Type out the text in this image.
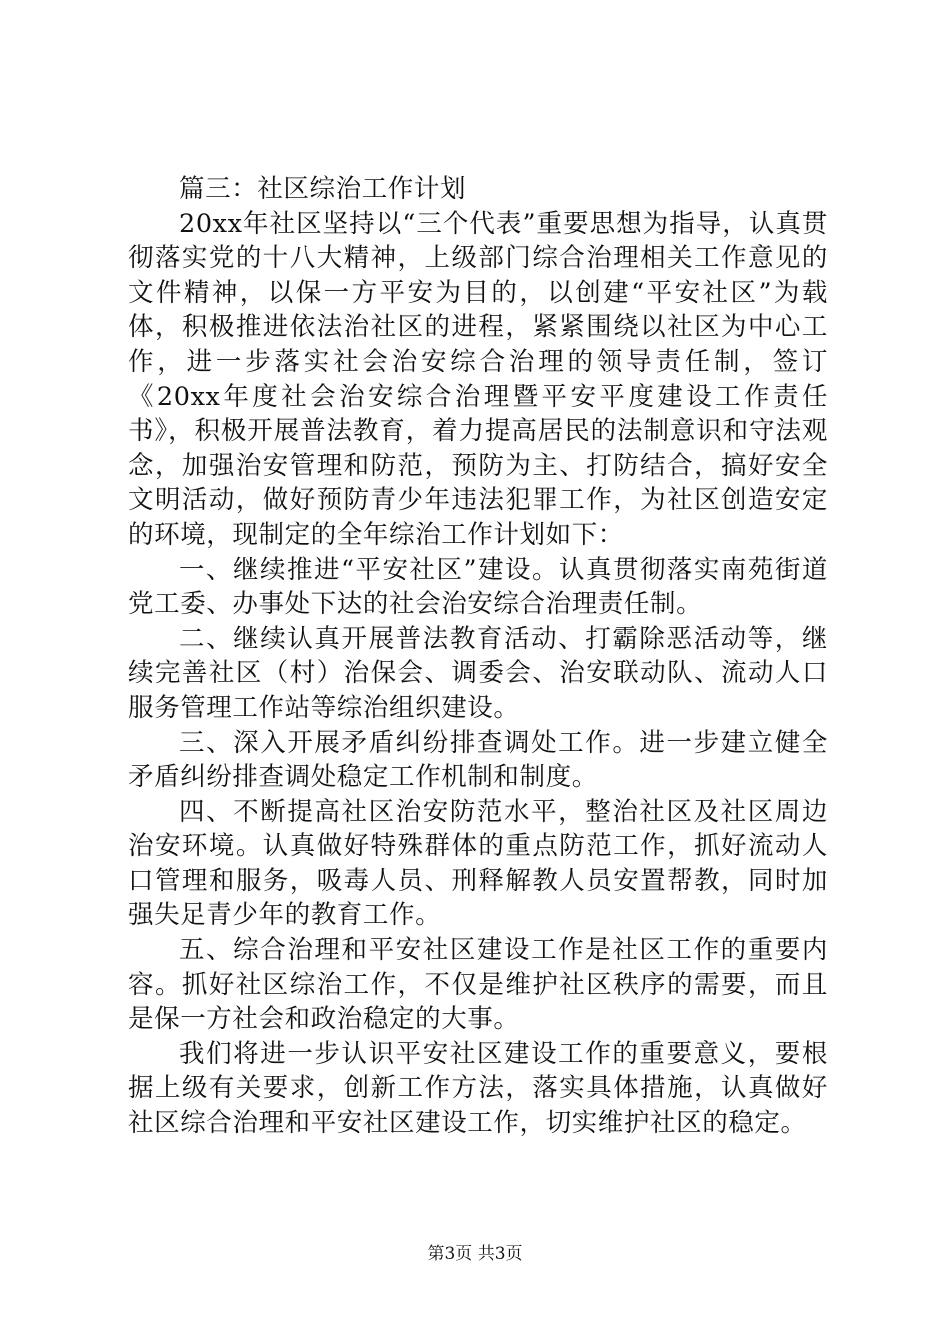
篇三：社区综治工作计划

20xx年社区坚持以“三个代表”重要思想为指导，认真贯彻落实党的十八大精神，上级部门综合治理相关工作意见的文件精神，以保一方平安为目的，以创建“平安社区”为载体，积极推进依法治社区的进程，紧紧围绕以社区为中心工作，进一步落实社会治安综合治理的领导责任制，签订《20xx年度社会治安综合治理暨平安平度建设工作责任书》，积极开展普法教育，着力提高居民的法制意识和守法观念，加强治安管理和防范，预防为主、打防结合，搞好安全文明活动，做好预防青少年违法犯罪工作，为社区创造安定的环境，现制定的全年综治工作计划如下：

一、继续推进“平安社区”建设。认真贯彻落实南苑街道党工委、办事处下达的社会治安综合治理责任制。

二、继续认真开展普法教育活动、打霸除恶活动等，继续完善社区（村）治保会、调委会、治安联动队、流动人口服务管理工作站等综治组织建设。

三、深入开展矛盾纠纷排查调处工作。进一步建立健全矛盾纠纷排查调处稳定工作机制和制度。

四、不断提高社区治安防范水平，整治社区及社区周边治安环境。认真做好特殊群体的重点防范工作，抓好流动人口管理和服务，吸毒人员、刑释解教人员安置帮教，同时加强失足青少年的教育工作。

五、综合治理和平安社区建设工作是社区工作的重要内容。抓好社区综治工作，不仅是维护社区秩序的需要，而且是保一方社会和政治稳定的大事。

我们将进一步认识平安社区建设工作的重要意义，要根据上级有关要求，创新工作方法，落实具体措施，认真做好社区综合治理和平安社区建设工作，切实维护社区的稳定。

第3页 共3页
